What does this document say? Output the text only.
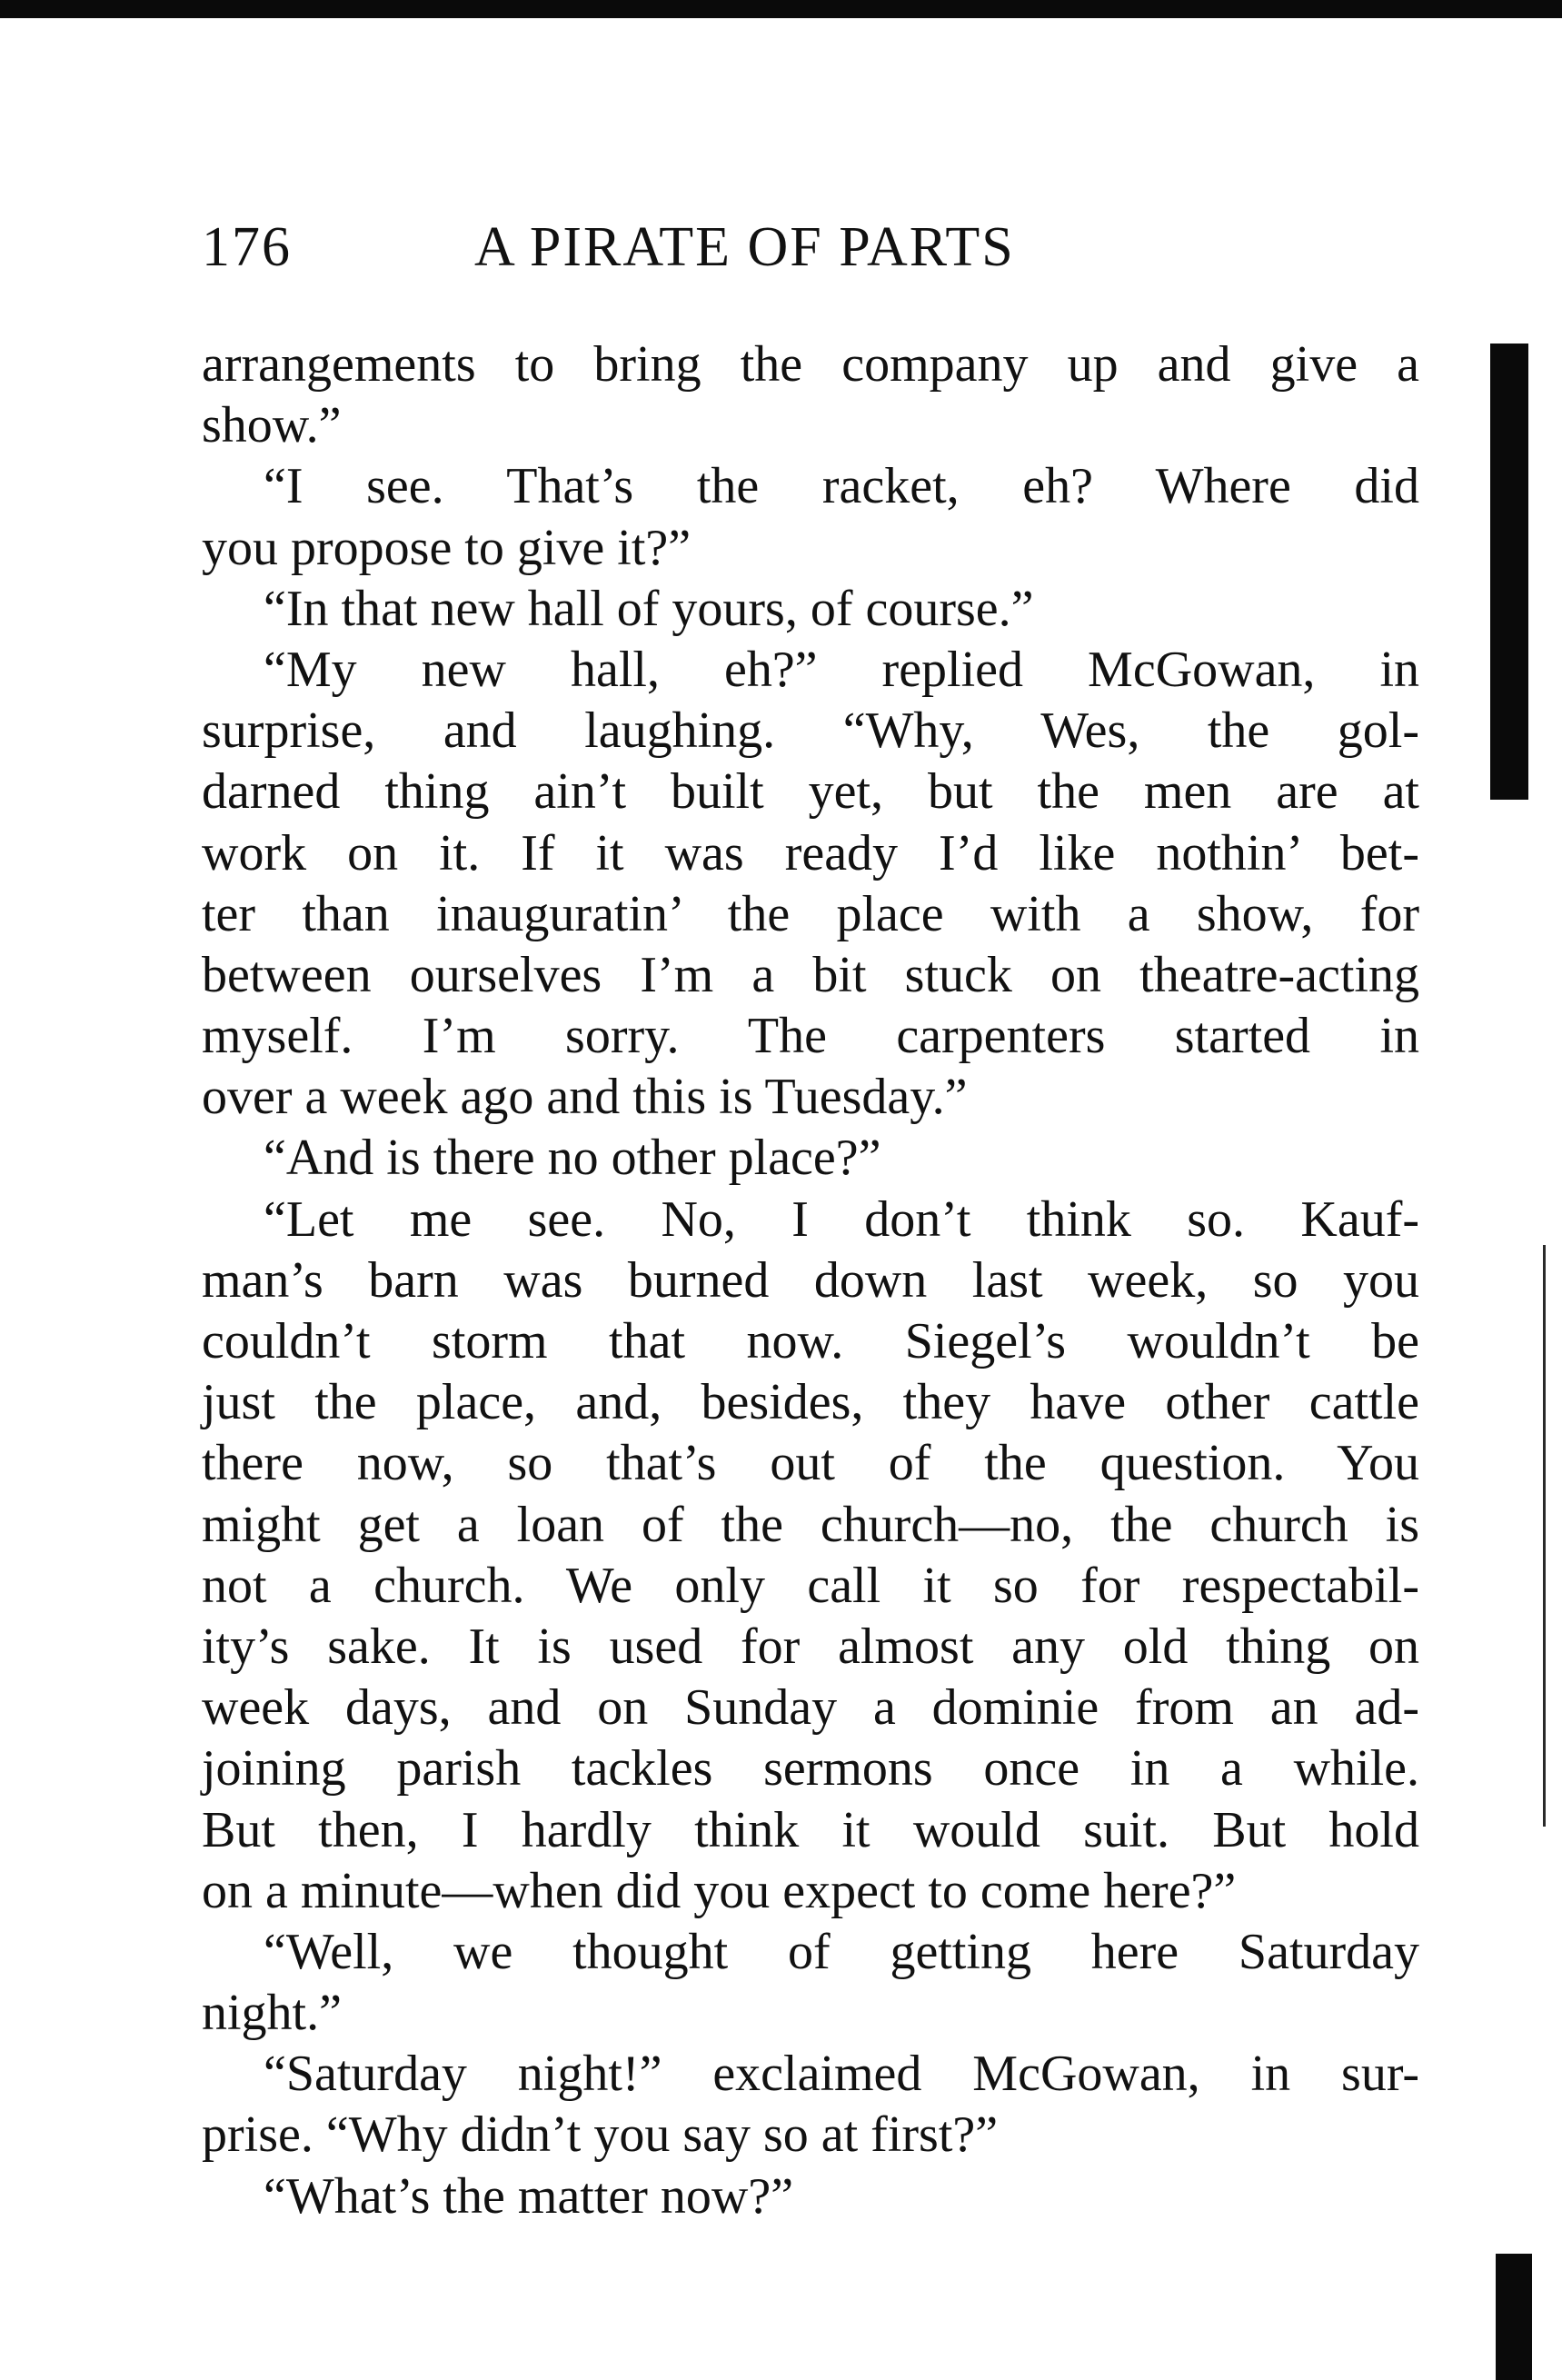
176	A PIRATE OF PARTS
arrangements to bring the company up and give a
show.”
“I see. That’s the racket, eh? Where did
you propose to give it?”
“In that new hall of yours, of course.”
“My new hall, eh?” replied McGowan, in
surprise, and laughing. “Why, Wes, the gol-
darned thing ain’t built yet, but the men are at
work on it. If it was ready I’d like nothin’ bet-
ter than inauguratin’ the place with a show, for
between ourselves I’m a bit stuck on theatre-acting
myself. I’m sorry. The carpenters started in
over a week ago and this is Tuesday.”
“And is there no other place?”
“Let me see. No, I don’t think so. Kauf-
man’s barn was burned down last week, so you
couldn’t storm that now. Siegel’s wouldn’t be
just the place, and, besides, they have other cattle
there now, so that’s out of the question. You
might get a loan of the church—no, the church is
not a church. We only call it so for respectabil-
ity’s sake. It is used for almost any old thing on
week days, and on Sunday a dominie from an ad-
joining parish tackles sermons once in a while.
But then, I hardly think it would suit. But hold
on a minute—when did you expect to come here?”
“Well, we thought of getting here Saturday
night.”
“Saturday night!” exclaimed McGowan, in sur-
prise. “Why didn’t you say so at first?”
“What’s the matter now?”
